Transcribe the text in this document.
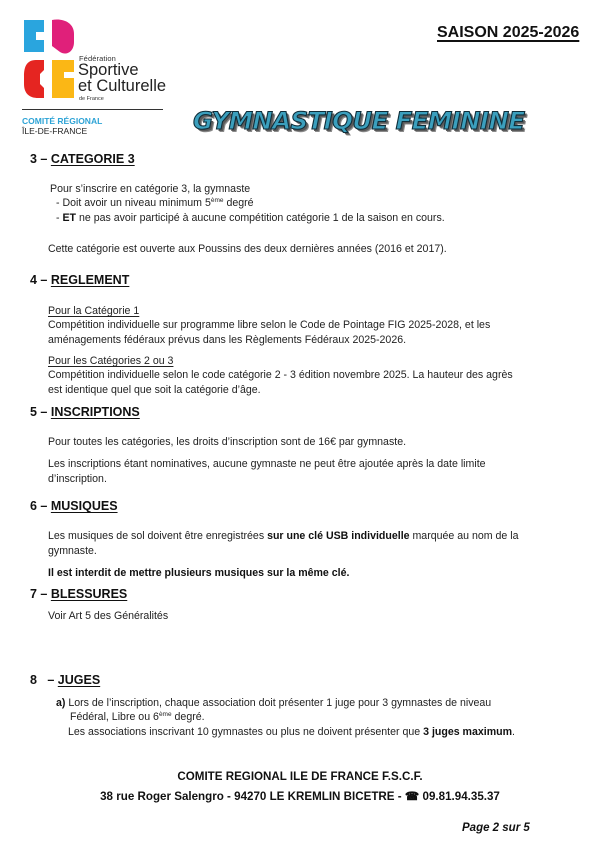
Fédération
Sportive
et Culturelle
de France
COMITÉ RÉGIONAL
ÎLE-DE-FRANCE
SAISON 2025-2026
GYMNASTIQUE FEMININE
3 – CATEGORIE 3
Pour s’inscrire en catégorie 3, la gymnaste
- Doit avoir un niveau minimum 5ème degré
- ET ne pas avoir participé à aucune compétition catégorie 1 de la saison en cours.
Cette catégorie est ouverte aux Poussins des deux dernières années (2016 et 2017).
4 – REGLEMENT
Pour la Catégorie 1
Compétition individuelle sur programme libre selon le Code de Pointage FIG 2025-2028, et les
aménagements fédéraux prévus dans les Règlements Fédéraux 2025-2026.
Pour les Catégories 2 ou 3
Compétition individuelle selon le code catégorie 2 - 3 édition novembre 2025. La hauteur des agrès
est identique quel que soit la catégorie d’âge.
5 – INSCRIPTIONS
Pour toutes les catégories, les droits d’inscription sont de 16€ par gymnaste.
Les inscriptions étant nominatives, aucune gymnaste ne peut être ajoutée après la date limite
d’inscription.
6 – MUSIQUES
Les musiques de sol doivent être enregistrées sur une clé USB individuelle marquée au nom de la
gymnaste.
Il est interdit de mettre plusieurs musiques sur la même clé.
7 – BLESSURES
Voir Art 5 des Généralités
8   – JUGES
a) Lors de l’inscription, chaque association doit présenter 1 juge pour 3 gymnastes de niveau
Fédéral, Libre ou 6ème degré.
Les associations inscrivant 10 gymnastes ou plus ne doivent présenter que 3 juges maximum.
COMITE REGIONAL ILE DE FRANCE F.S.C.F.
38 rue Roger Salengro - 94270 LE KREMLIN BICETRE - ☎ 09.81.94.35.37
Page 2 sur 5
